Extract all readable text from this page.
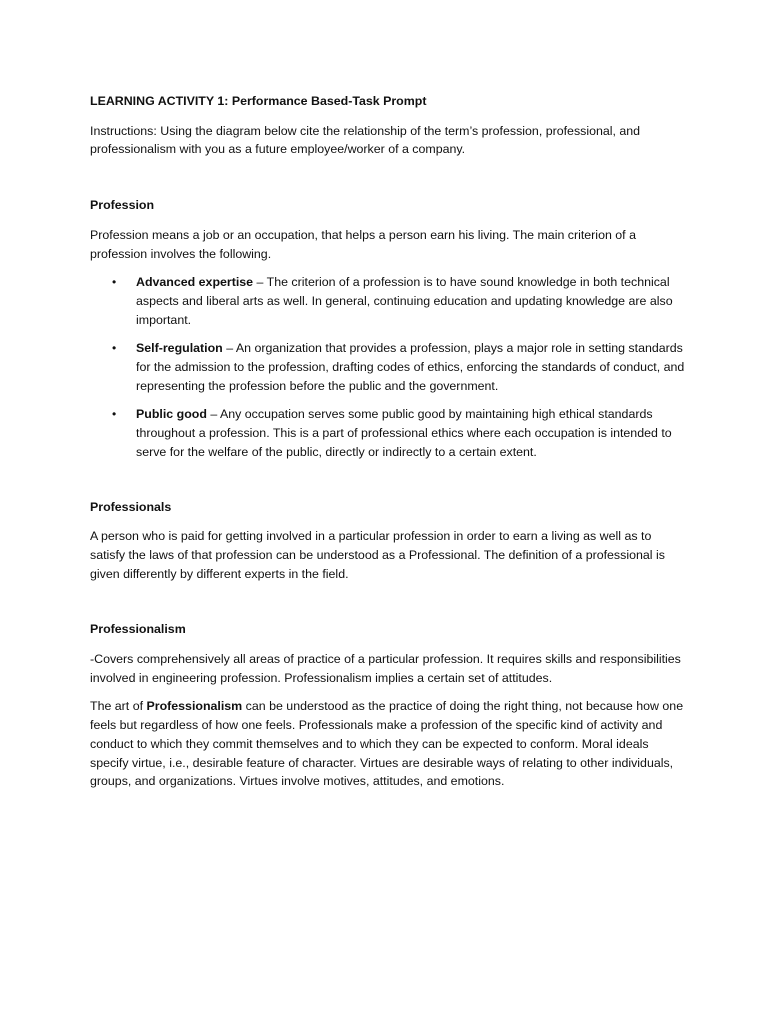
LEARNING ACTIVITY 1: Performance Based-Task Prompt

Instructions: Using the diagram below cite the relationship of the term’s profession, professional, and professionalism with you as a future employee/worker of a company.

Profession

Profession means a job or an occupation, that helps a person earn his living. The main criterion of a profession involves the following.

• Advanced expertise – The criterion of a profession is to have sound knowledge in both technical aspects and liberal arts as well. In general, continuing education and updating knowledge are also important.
• Self-regulation – An organization that provides a profession, plays a major role in setting standards for the admission to the profession, drafting codes of ethics, enforcing the standards of conduct, and representing the profession before the public and the government.
• Public good – Any occupation serves some public good by maintaining high ethical standards throughout a profession. This is a part of professional ethics where each occupation is intended to serve for the welfare of the public, directly or indirectly to a certain extent.

Professionals

A person who is paid for getting involved in a particular profession in order to earn a living as well as to satisfy the laws of that profession can be understood as a Professional. The definition of a professional is given differently by different experts in the field.

Professionalism

-Covers comprehensively all areas of practice of a particular profession. It requires skills and responsibilities involved in engineering profession. Professionalism implies a certain set of attitudes.

The art of Professionalism can be understood as the practice of doing the right thing, not because how one feels but regardless of how one feels. Professionals make a profession of the specific kind of activity and conduct to which they commit themselves and to which they can be expected to conform. Moral ideals specify virtue, i.e., desirable feature of character. Virtues are desirable ways of relating to other individuals, groups, and organizations. Virtues involve motives, attitudes, and emotions.
